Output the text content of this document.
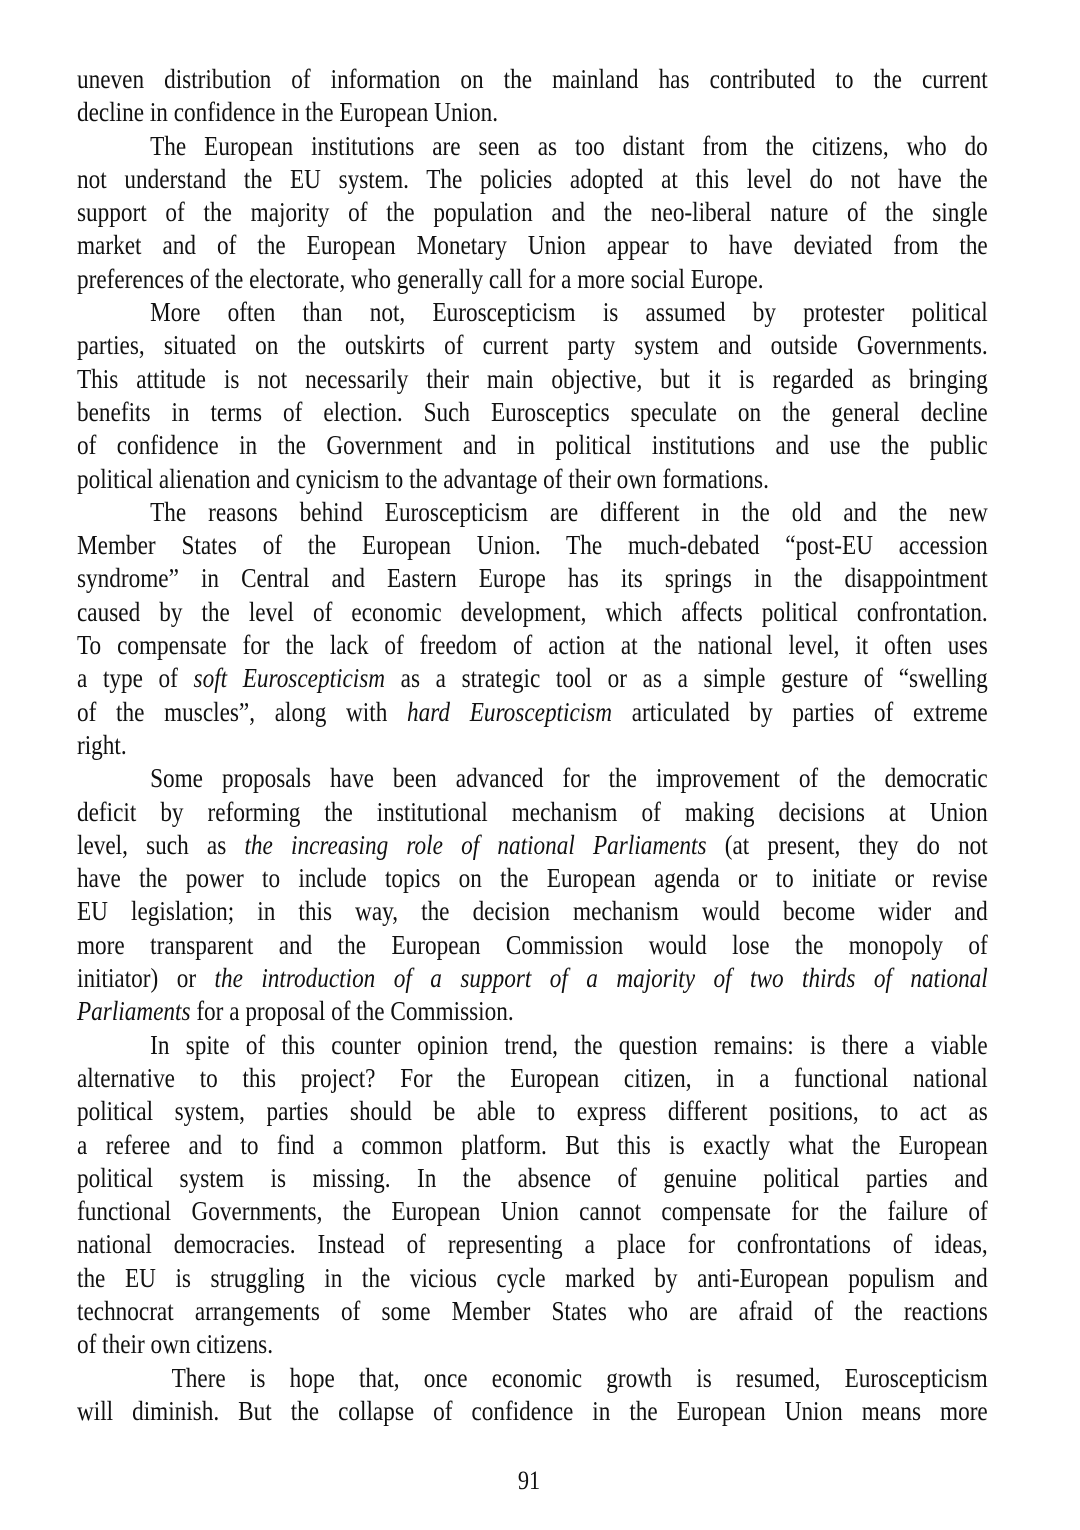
uneven distribution of information on the mainland has contributed to the current
decline in confidence in the European Union.
The European institutions are seen as too distant from the citizens, who do
not understand the EU system. The policies adopted at this level do not have the
support of the majority of the population and the neo-liberal nature of the single
market and of the European Monetary Union appear to have deviated from the
preferences of the electorate, who generally call for a more social Europe.
More often than not, Euroscepticism is assumed by protester political
parties, situated on the outskirts of current party system and outside Governments.
This attitude is not necessarily their main objective, but it is regarded as bringing
benefits in terms of election. Such Eurosceptics speculate on the general decline
of confidence in the Government and in political institutions and use the public
political alienation and cynicism to the advantage of their own formations.
The reasons behind Euroscepticism are different in the old and the new
Member States of the European Union. The much-debated “post-EU accession
syndrome” in Central and Eastern Europe has its springs in the disappointment
caused by the level of economic development, which affects political confrontation.
To compensate for the lack of freedom of action at the national level, it often uses
a type of soft Euroscepticism as a strategic tool or as a simple gesture of “swelling
of the muscles”, along with hard Euroscepticism articulated by parties of extreme
right.
Some proposals have been advanced for the improvement of the democratic
deficit by reforming the institutional mechanism of making decisions at Union
level, such as the increasing role of national Parliaments (at present, they do not
have the power to include topics on the European agenda or to initiate or revise
EU legislation; in this way, the decision mechanism would become wider and
more transparent and the European Commission would lose the monopoly of
initiator) or the introduction of a support of a majority of two thirds of national
Parliaments for a proposal of the Commission.
In spite of this counter opinion trend, the question remains: is there a viable
alternative to this project? For the European citizen, in a functional national
political system, parties should be able to express different positions, to act as
a referee and to find a common platform. But this is exactly what the European
political system is missing. In the absence of genuine political parties and
functional Governments, the European Union cannot compensate for the failure of
national democracies. Instead of representing a place for confrontations of ideas,
the EU is struggling in the vicious cycle marked by anti-European populism and
technocrat arrangements of some Member States who are afraid of the reactions
of their own citizens.
There is hope that, once economic growth is resumed, Euroscepticism
will diminish. But the collapse of confidence in the European Union means more
91
